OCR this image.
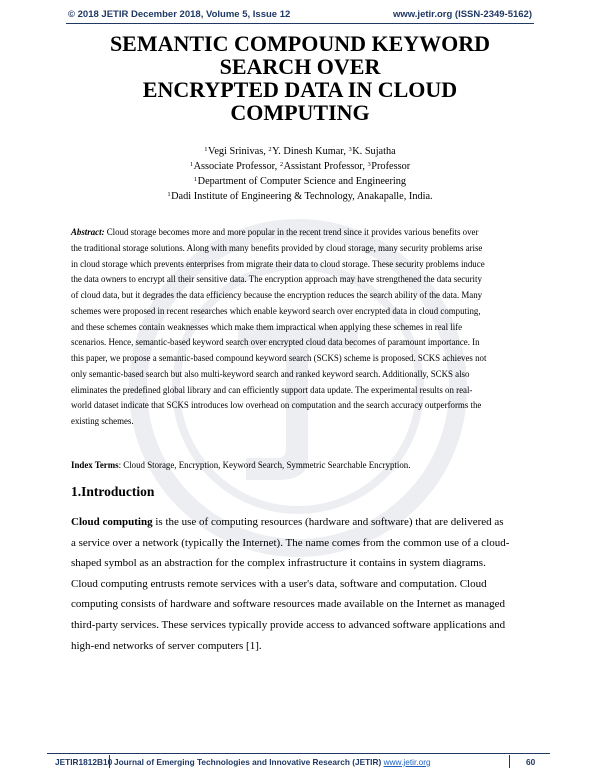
© 2018 JETIR December 2018, Volume 5, Issue 12	www.jetir.org (ISSN-2349-5162)
SEMANTIC COMPOUND KEYWORD
SEARCH OVER
ENCRYPTED DATA IN CLOUD
COMPUTING
$^1$Vegi Srinivas, $^2$Y. Dinesh Kumar, $^3$K. Sujatha
$^1$Associate Professor, $^2$Assistant Professor, $^3$Professor
$^1$Department of Computer Science and Engineering
$^1$Dadi Institute of Engineering & Technology, Anakapalle, India.
Abstract: Cloud storage becomes more and more popular in the recent trend since it provides various benefits over
the traditional storage solutions. Along with many benefits provided by cloud storage, many security problems arise
in cloud storage which prevents enterprises from migrate their data to cloud storage. These security problems induce
the data owners to encrypt all their sensitive data. The encryption approach may have strengthened the data security
of cloud data, but it degrades the data efficiency because the encryption reduces the search ability of the data. Many
schemes were proposed in recent researches which enable keyword search over encrypted data in cloud computing,
and these schemes contain weaknesses which make them impractical when applying these schemes in real life
scenarios. Hence, semantic-based keyword search over encrypted cloud data becomes of paramount importance. In
this paper, we propose a semantic-based compound keyword search (SCKS) scheme is proposed. SCKS achieves not
only semantic-based search but also multi-keyword search and ranked keyword search. Additionally, SCKS also
eliminates the predefined global library and can efficiently support data update. The experimental results on real-
world dataset indicate that SCKS introduces low overhead on computation and the search accuracy outperforms the
existing schemes.
Index Terms: Cloud Storage, Encryption, Keyword Search, Symmetric Searchable Encryption.
1.Introduction
Cloud computing is the use of computing resources (hardware and software) that are delivered as
a service over a network (typically the Internet). The name comes from the common use of a cloud-
shaped symbol as an abstraction for the complex infrastructure it contains in system diagrams.
Cloud computing entrusts remote services with a user's data, software and computation. Cloud
computing consists of hardware and software resources made available on the Internet as managed
third-party services. These services typically provide access to advanced software applications and
high-end networks of server computers [1].
JETIR1812B10 Journal of Emerging Technologies and Innovative Research (JETIR) www.jetir.org	60
